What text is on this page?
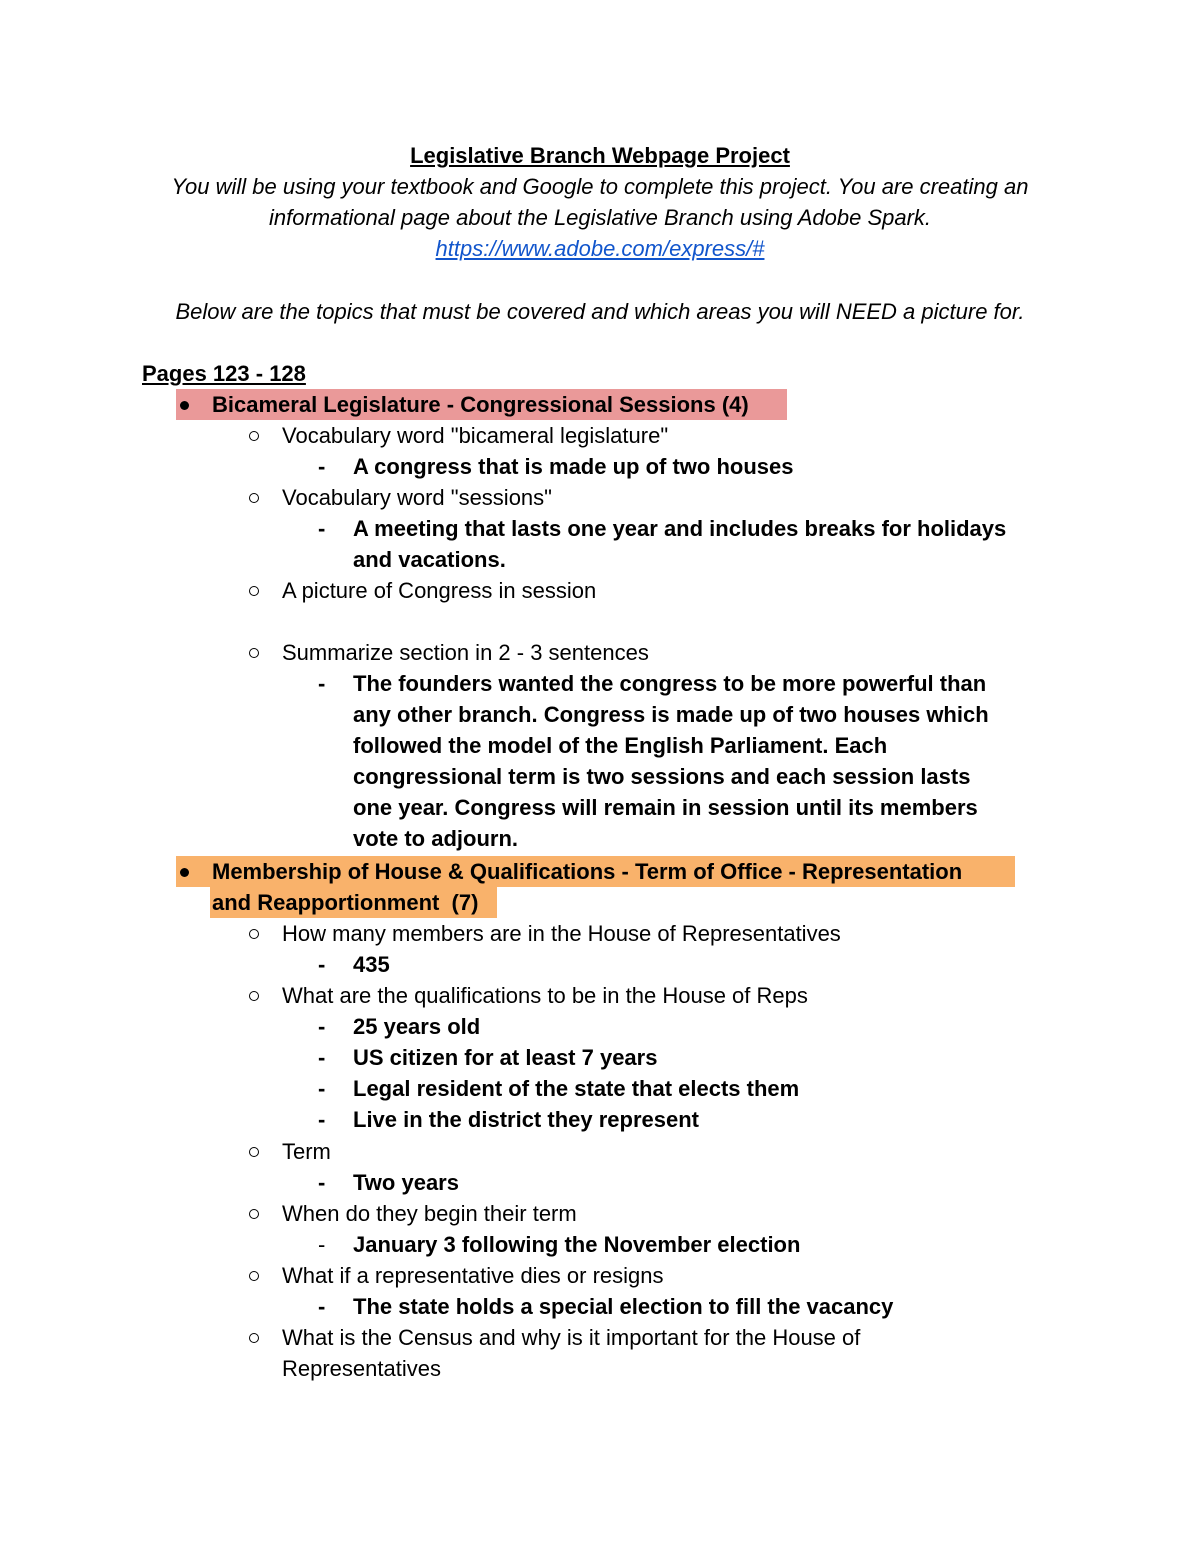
Legislative Branch Webpage Project
You will be using your textbook and Google to complete this project. You are creating an
informational page about the Legislative Branch using Adobe Spark.
https://www.adobe.com/express/#
Below are the topics that must be covered and which areas you will NEED a picture for.
Pages 123 - 128
Bicameral Legislature - Congressional Sessions (4)
Vocabulary word "bicameral legislature"
- A congress that is made up of two houses
Vocabulary word "sessions"
- A meeting that lasts one year and includes breaks for holidays
and vacations.
A picture of Congress in session
Summarize section in 2 - 3 sentences
- The founders wanted the congress to be more powerful than
any other branch. Congress is made up of two houses which
followed the model of the English Parliament. Each
congressional term is two sessions and each session lasts
one year. Congress will remain in session until its members
vote to adjourn.
Membership of House & Qualifications - Term of Office - Representation
and Reapportionment  (7)
How many members are in the House of Representatives
- 435
What are the qualifications to be in the House of Reps
- 25 years old
- US citizen for at least 7 years
- Legal resident of the state that elects them
- Live in the district they represent
Term
- Two years
When do they begin their term
- January 3 following the November election
What if a representative dies or resigns
- The state holds a special election to fill the vacancy
What is the Census and why is it important for the House of
Representatives
